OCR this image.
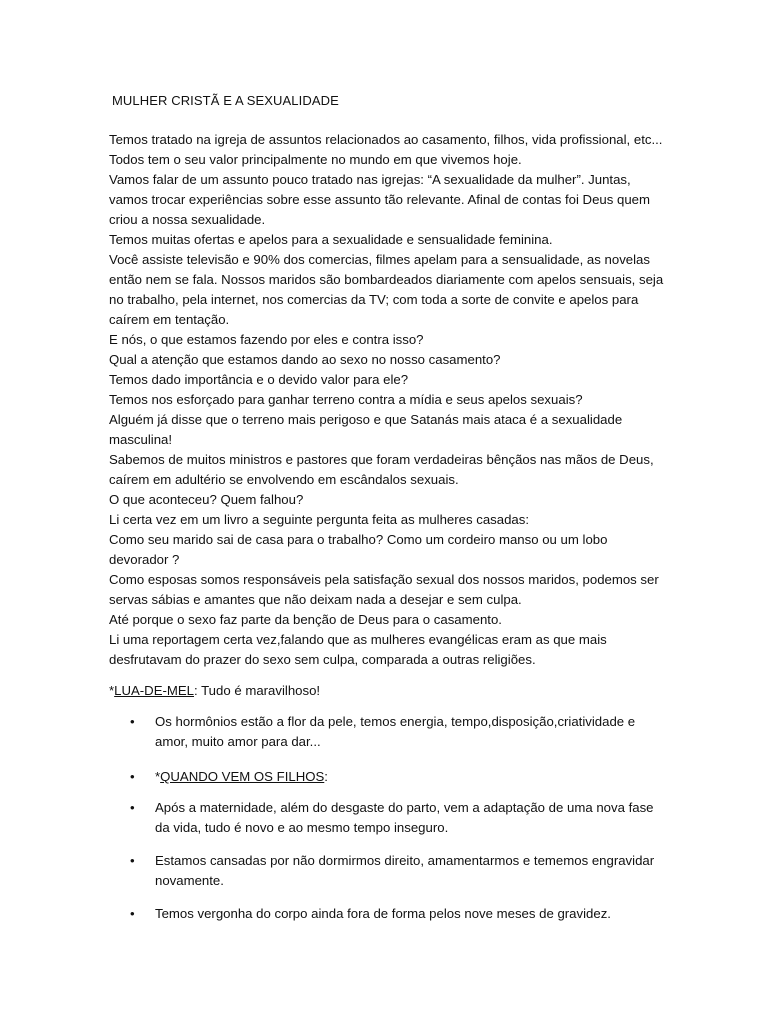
MULHER CRISTÃ E A SEXUALIDADE
Temos tratado na igreja de assuntos relacionados ao casamento, filhos, vida profissional, etc...
Todos tem o seu valor principalmente no mundo em que vivemos hoje.
Vamos falar de um assunto pouco tratado nas igrejas: “A sexualidade da mulher”. Juntas,
vamos trocar experiências sobre esse assunto tão relevante. Afinal de contas foi Deus quem
criou a nossa sexualidade.
Temos muitas ofertas e apelos para a sexualidade e sensualidade feminina.
Você assiste televisão e 90% dos comercias, filmes apelam para a sensualidade, as novelas
então nem se fala. Nossos maridos são bombardeados diariamente com apelos sensuais, seja
no trabalho, pela internet, nos comercias da TV; com toda a sorte de convite e apelos para
caírem em tentação.
E nós, o que estamos fazendo por eles e contra isso?
Qual a atenção que estamos dando ao sexo no nosso casamento?
Temos dado importância e o devido valor para ele?
Temos nos esforçado para ganhar terreno contra a mídia e seus apelos sexuais?
Alguém já disse que o terreno mais perigoso e que Satanás mais ataca é a sexualidade
masculina!
Sabemos de muitos ministros e pastores que foram verdadeiras bênçãos nas mãos de Deus,
caírem em adultério se envolvendo em escândalos sexuais.
O que aconteceu? Quem falhou?
Li certa vez em um livro a seguinte pergunta feita as mulheres casadas:
Como seu marido sai de casa para o trabalho? Como um cordeiro manso ou um lobo
devorador ?
Como esposas somos responsáveis pela satisfação sexual dos nossos maridos, podemos ser
servas sábias e amantes que não deixam nada a desejar e sem culpa.
Até porque o sexo faz parte da benção de Deus para o casamento.
Li uma reportagem certa vez,falando que as mulheres evangélicas eram as que mais
desfrutavam do prazer do sexo sem culpa, comparada a outras religiões.
*LUA-DE-MEL: Tudo é maravilhoso!
• Os hormônios estão a flor da pele, temos energia, tempo,disposição,criatividade e amor, muito amor para dar...
• *QUANDO VEM OS FILHOS:
• Após a maternidade, além do desgaste do parto, vem a adaptação de uma nova fase da vida, tudo é novo e ao mesmo tempo inseguro.
• Estamos cansadas por não dormirmos direito, amamentarmos e tememos engravidar novamente.
• Temos vergonha do corpo ainda fora de forma pelos nove meses de gravidez.
